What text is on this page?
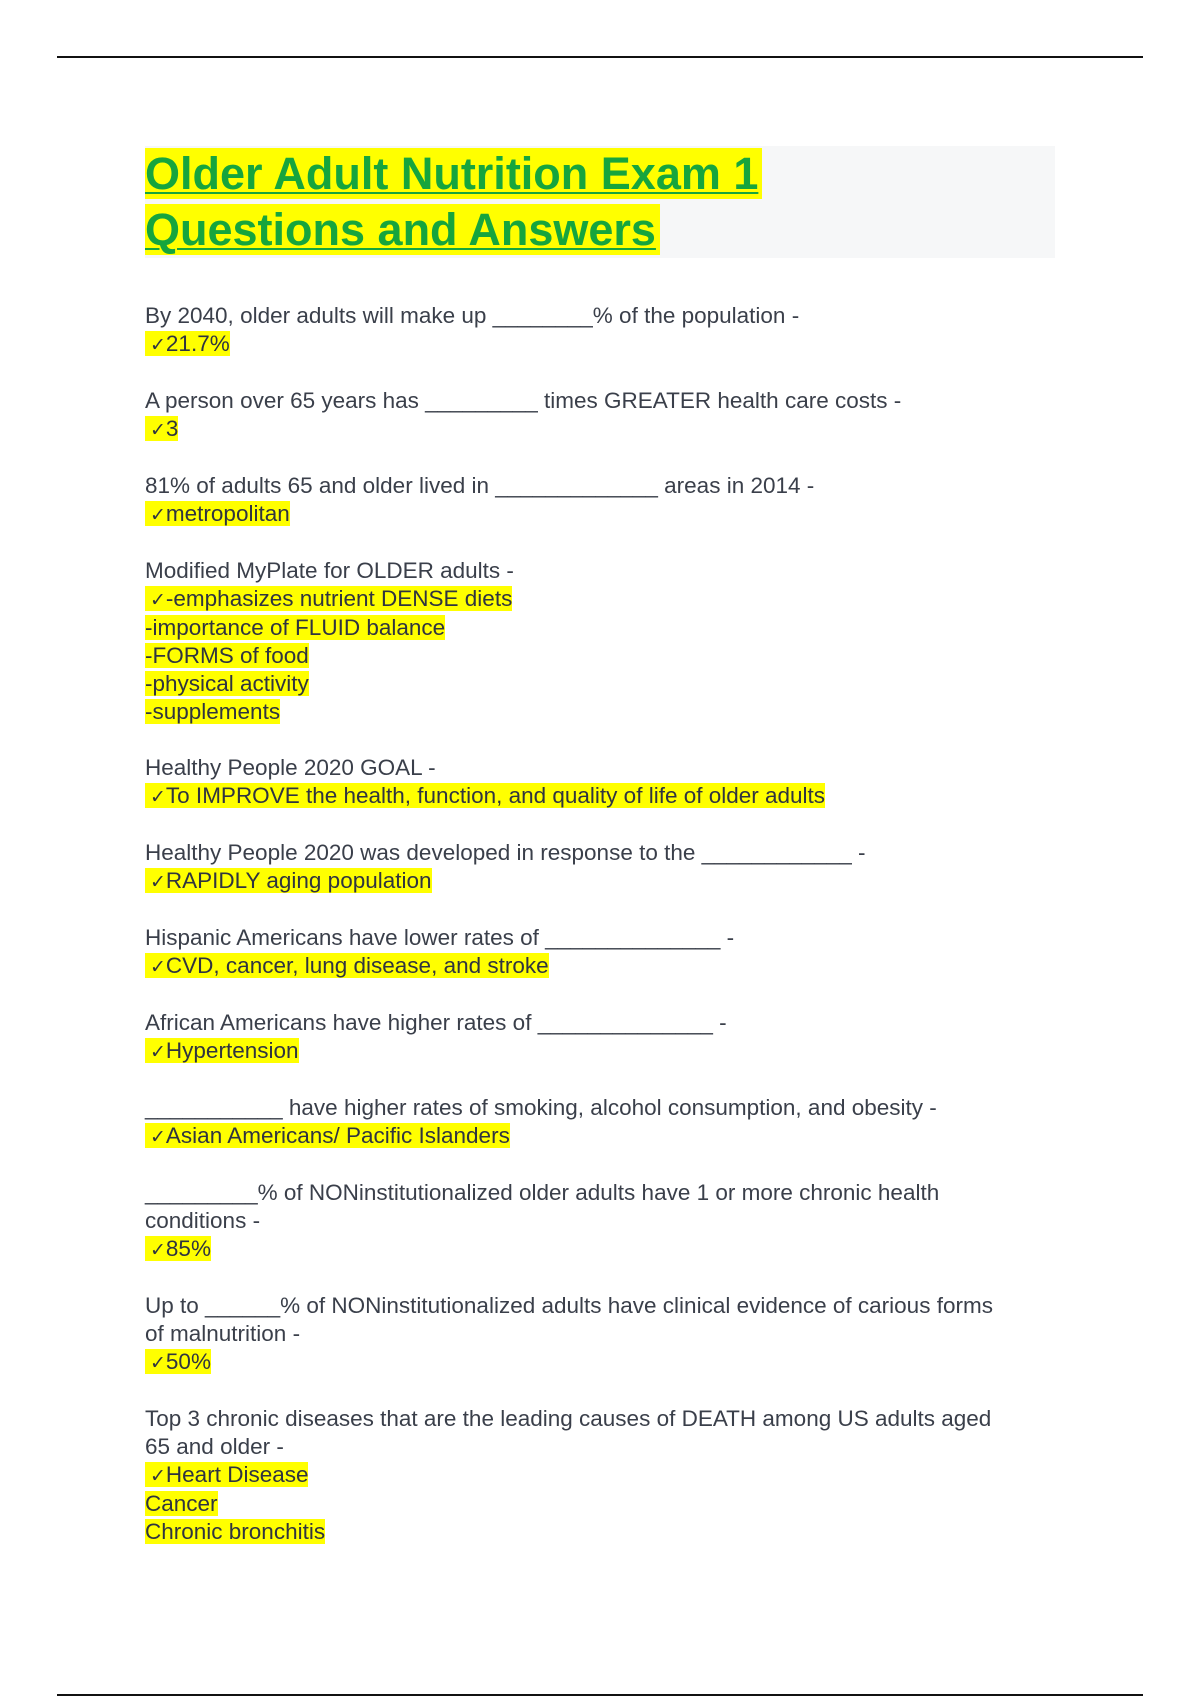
Older Adult Nutrition Exam 1
Questions and Answers
By 2040, older adults will make up ________% of the population -
✓21.7%
A person over 65 years has _________ times GREATER health care costs -
✓3
81% of adults 65 and older lived in _____________ areas in 2014 -
✓metropolitan
Modified MyPlate for OLDER adults -
✓-emphasizes nutrient DENSE diets
-importance of FLUID balance
-FORMS of food
-physical activity
-supplements
Healthy People 2020 GOAL -
✓To IMPROVE the health, function, and quality of life of older adults
Healthy People 2020 was developed in response to the ____________ -
✓RAPIDLY aging population
Hispanic Americans have lower rates of ______________ -
✓CVD, cancer, lung disease, and stroke
African Americans have higher rates of ______________ -
✓Hypertension
___________ have higher rates of smoking, alcohol consumption, and obesity -
✓Asian Americans/ Pacific Islanders
_________% of NONinstitutionalized older adults have 1 or more chronic health conditions -
✓85%
Up to ______% of NONinstitutionalized adults have clinical evidence of carious forms of malnutrition -
✓50%
Top 3 chronic diseases that are the leading causes of DEATH among US adults aged 65 and older -
✓Heart Disease
Cancer
Chronic bronchitis
